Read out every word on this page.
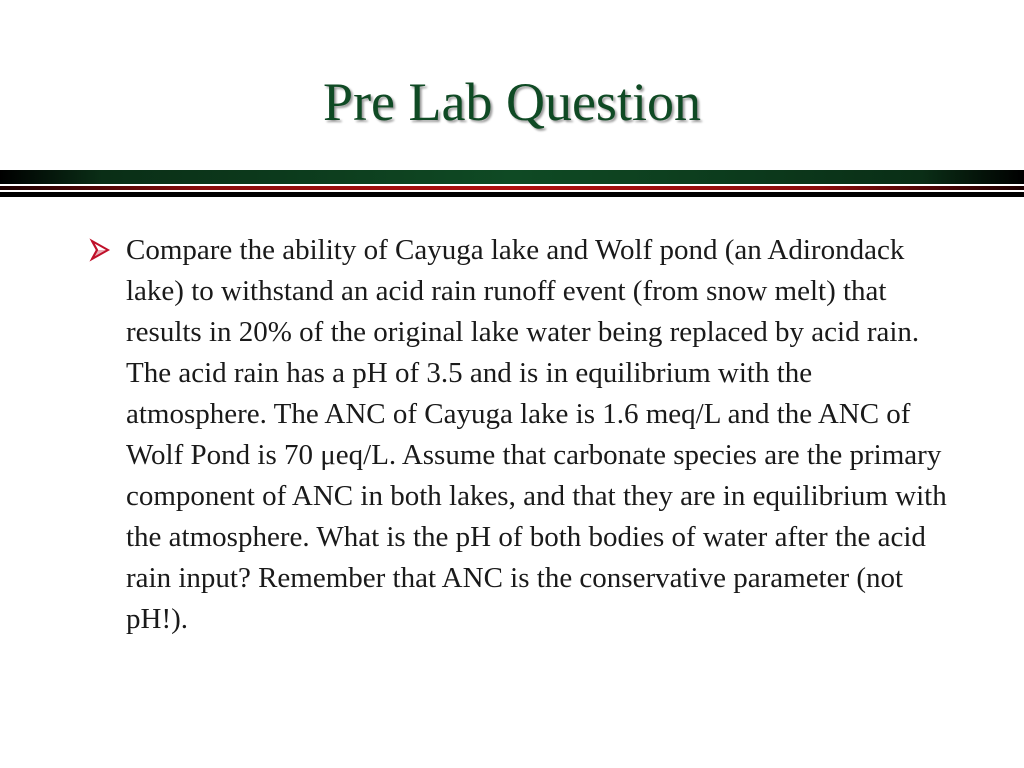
Pre Lab Question

Compare the ability of Cayuga lake and Wolf pond (an Adirondack lake) to withstand an acid rain runoff event (from snow melt) that results in 20% of the original lake water being replaced by acid rain. The acid rain has a pH of 3.5 and is in equilibrium with the atmosphere. The ANC of Cayuga lake is 1.6 meq/L and the ANC of Wolf Pond is 70 μeq/L. Assume that carbonate species are the primary component of ANC in both lakes, and that they are in equilibrium with the atmosphere. What is the pH of both bodies of water after the acid rain input? Remember that ANC is the conservative parameter (not pH!).
